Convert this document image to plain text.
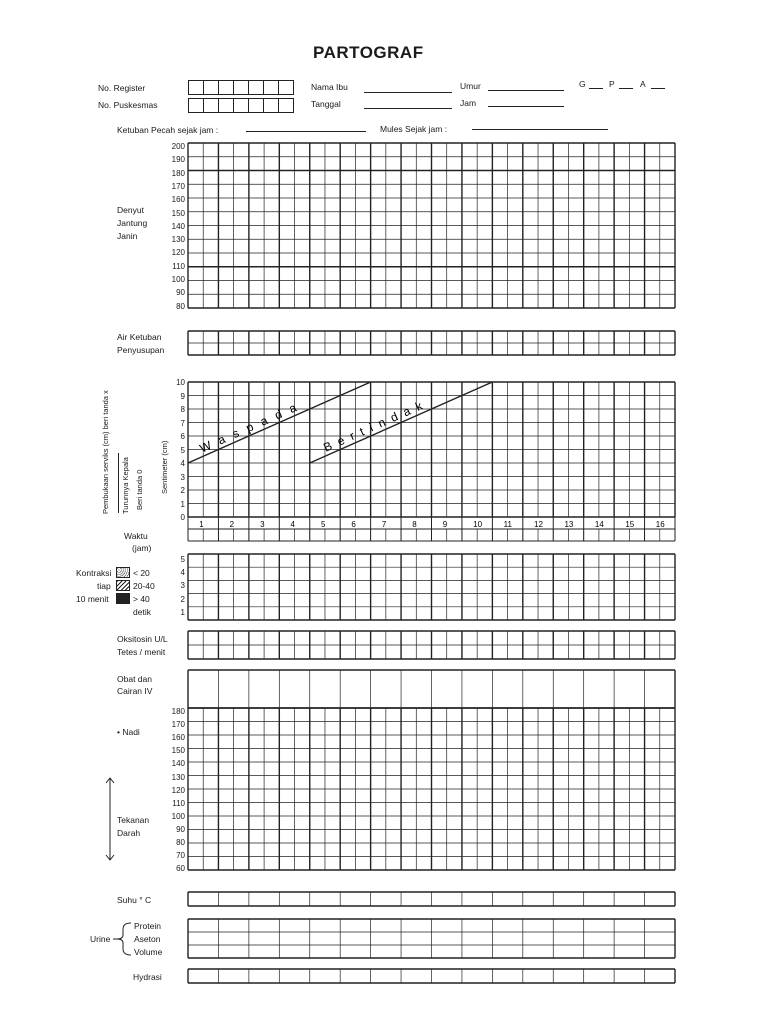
PARTOGRAF
No. Register
No. Puskesmas
Nama Ibu
Tanggal
Umur
Jam
G	P	A
Ketuban Pecah sejak jam :	Mules Sejak jam :
Denyut
Jantung
Janin
200
190
180
170
160
150
140
130
120
110
100
90
80
Air Ketuban
Penyusupan
Pembukaan serviks (cm) beri tanda x Turunnya Kepala Beri tanda 0 Sentimeter (cm)
10
9
8
7
6
5
4
3
2
1
0
1	2	3	4	5	6	7	8	9	10	11	12	13	14	15	16
Waspada Bertindak
Waktu
(jam)
Kontraksi
tiap
10 menit
< 20
20-40
> 40
detik
5
4
3
2
1
Oksitosin U/L
Tetes / menit
Obat dan
Cairan IV
• Nadi
Tekanan
Darah
180
170
160
150
140
130
120
110
100
90
80
70
60
Suhu ° C
Urine
Protein
Aseton
Volume
Hydrasi
